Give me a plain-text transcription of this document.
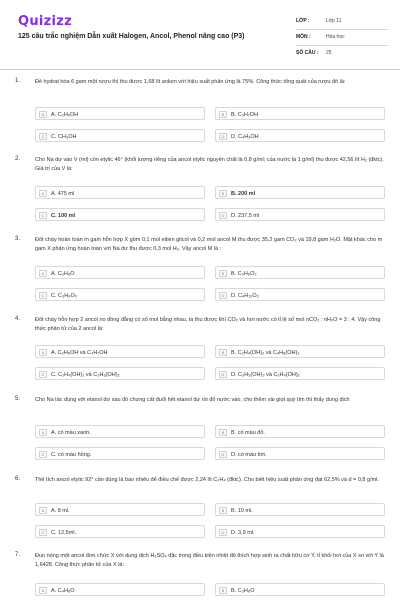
Quizizz
125 câu trắc nghiệm Dẫn xuất Halogen, Ancol, Phenol nâng cao (P3)
LỚP :	Lớp 11
MÔN :	Hóa học
SỐ CÂU :	25
1.	Đề hydrat hóa 6 gam một rượu thì thu được 1,68 lít anken với hiệu suất phản ứng là 75%. Công thức tổng quát của rượu đó là:
A	A. C₂H₅OH	B	B. C₃H₇OH
C	C. CH₃OH	D	D. C₄H₉OH
2.	Cho Na dư vào V (ml) cồn etylic 46° (khối lượng riêng của ancol etylic nguyên chất là 0,8 g/ml; của nước là 1 g/ml) thu được 42,56 lít H₂ (đktc). Giá trị của V là:
A	A. 475 ml	B	B. 200 ml
C	C. 100 ml	D	D. 237,5 ml
3.	Đốt cháy hoàn toàn m gam hỗn hợp X gồm 0,1 mol etilen glicol và 0,2 mol ancol M thu được 35,2 gam CO₂ và 19,8 gam H₂O. Mặt khác cho m gam X phản ứng hoàn toàn với Na dư thu được 0,3 mol H₂. Vậy ancol M là :
A	A. C₃H₈O	B	B. C₃H₈O₂
C	C. C₃H₈O₃	D	D. C₄H₁₀O₂
4.	Đốt cháy hỗn hợp 2 ancol no đồng đẳng có số mol bằng nhau, ta thu được khí CO₂ và hơi nước có tỉ lệ số mol nCO₂ : nH₂O = 3 : 4. Vậy công thức phân tử của 2 ancol là:
A	A. C₂H₅OH và C₃H₇OH	B	B. C₂H₄(OH)₂ và C₄H₈(OH)₂
C	C. C₂H₄(OH)₂ và C₃H₆(OH)₂	D	D. C₃H₅(OH)₃ và C₂H₄(OH)₂
5.	Cho Na tác dụng với etanol dư sau đó chưng cất đuổi hết etanol dư rồi đổ nước vào, cho thêm vài giọt quỳ tím thì thấy dung dịch
A	A. có màu xanh.	B	B. có màu đỏ.
C	C. có màu hồng.	D	D. có màu tím.
6.	Thể tích ancol etylic 92° cần dùng là bao nhiêu để điều chế được 2,24 lít C₂H₄ (đktc). Cho biết hiệu suất phản ứng đạt 62,5% và d = 0,8 g/ml.
A	A. 8 ml.	B	B. 10 ml.
C	C. 12,5ml.	D	D. 3,9 ml.
7.	Đun nóng một ancol đơn chức X với dung dịch H₂SO₄ đặc trong điều kiện nhiệt độ thích hợp sinh ra chất hữu cơ Y, tỉ khối hơi của X so với Y là 1,6428. Công thức phân tử của X là:
A	A. C₄H₈O	B	B. C₃H₈O
